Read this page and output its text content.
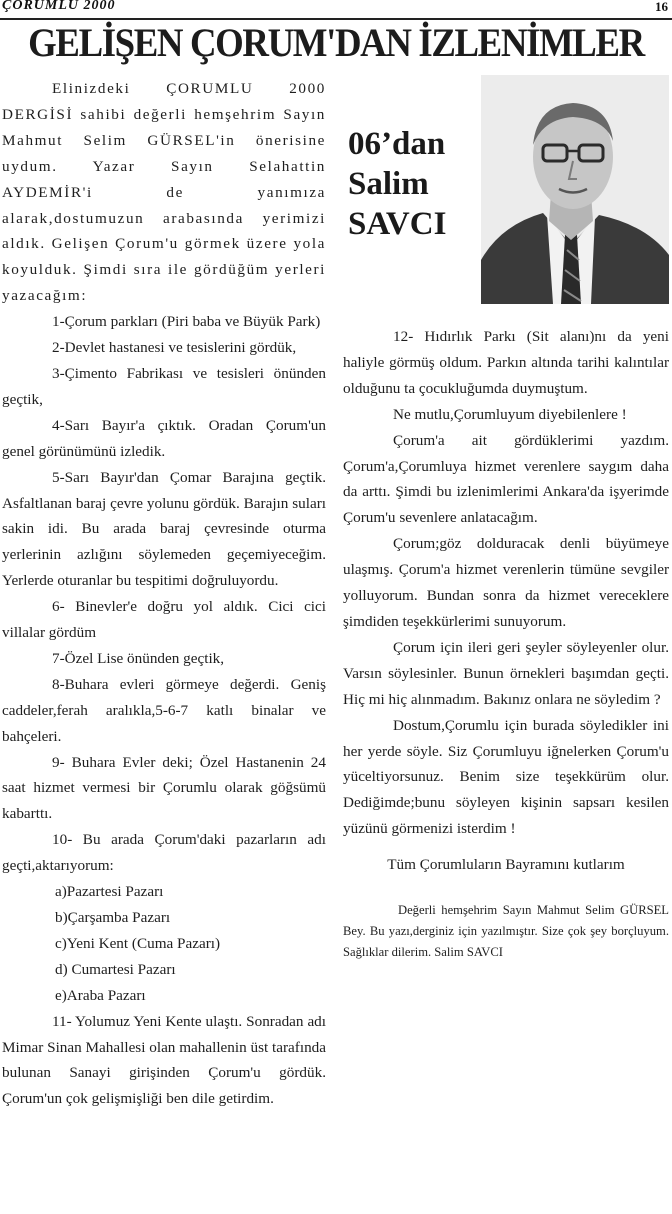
ÇORUMLU 2000	16
GELİŞEN ÇORUM'DAN İZLENİMLER

Elinizdeki ÇORUMLU 2000 DERGİSİ sahibi değerli hemşehrim Sayın Mahmut Selim GÜRSEL'in önerisine uydum. Yazar Sayın Selahattin AYDEMİR'i de yanımıza alarak,dostumuzun arabasında yerimizi aldık. Gelişen Çorum'u görmek üzere yola koyulduk. Şimdi sıra ile gördüğüm yerleri yazacağım:

1-Çorum parkları (Piri baba ve Büyük Park)

2-Devlet hastanesi ve tesislerini gördük,

3-Çimento Fabrikası ve tesisleri önünden geçtik,

4-Sarı Bayır'a çıktık. Oradan Çorum'un genel görünümünü izledik.

5-Sarı Bayır'dan Çomar Barajına geçtik. Asfaltlanan baraj çevre yolunu gördük. Barajın suları sakin idi. Bu arada baraj çevresinde oturma yerlerinin azlığını söylemeden geçemiyeceğim. Yerlerde oturanlar bu tespitimi doğruluyordu.

6- Binevler'e doğru yol aldık. Cici cici villalar gördüm

7-Özel Lise önünden geçtik,

8-Buhara evleri görmeye değerdi. Geniş caddeler,ferah aralıkla,5-6-7 katlı binalar ve bahçeleri.

9- Buhara Evler deki; Özel Hastanenin 24 saat hizmet vermesi bir Çorumlu olarak göğsümü kabarttı.

10- Bu arada Çorum'daki pazarların adı geçti,aktarıyorum:

a)Pazartesi Pazarı

b)Çarşamba Pazarı

c)Yeni Kent (Cuma Pazarı)

d) Cumartesi Pazarı

e)Araba Pazarı

11- Yolumuz Yeni Kente ulaştı. Sonradan adı Mimar Sinan Mahallesi olan mahallenin üst tarafında bulunan Sanayi girişinden Çorum'u gördük. Çorum'un çok gelişmişliği ben dile getirdim.

06’dan
Salim
SAVCI

12- Hıdırlık Parkı (Sit alanı)nı da yeni haliyle görmüş oldum. Parkın altında tarihi kalıntılar olduğunu ta çocukluğumda duymuştum.

Ne mutlu,Çorumluyum diyebilenlere !

Çorum'a ait gördüklerimi yazdım. Çorum'a,Çorumluya hizmet verenlere saygım daha da arttı. Şimdi bu izlenimlerimi Ankara'da işyerimde Çorum'u sevenlere anlatacağım.

Çorum;göz dolduracak denli büyümeye ulaşmış. Çorum'a hizmet verenlerin tümüne sevgiler yolluyorum. Bundan sonra da hizmet vereceklere şimdiden teşekkürlerimi sunuyorum.

Çorum için ileri geri şeyler söyleyenler olur. Varsın söylesinler. Bunun örnekleri başımdan geçti. Hiç mi hiç alınmadım. Bakınız onlara ne söyledim ?

Dostum,Çorumlu için burada söyledikler ini her yerde söyle. Siz Çorumluyu iğnelerken Çorum'u yüceltiyorsunuz. Benim size teşekkürüm olur. Dediğimde;bunu söyleyen kişinin sapsarı kesilen yüzünü görmenizi isterdim !

Tüm Çorumluların Bayramını kutlarım

Değerli hemşehrim Sayın Mahmut Selim GÜRSEL Bey. Bu yazı,derginiz için yazılmıştır. Size çok şey borçluyum. Sağlıklar dilerim. Salim SAVCI
